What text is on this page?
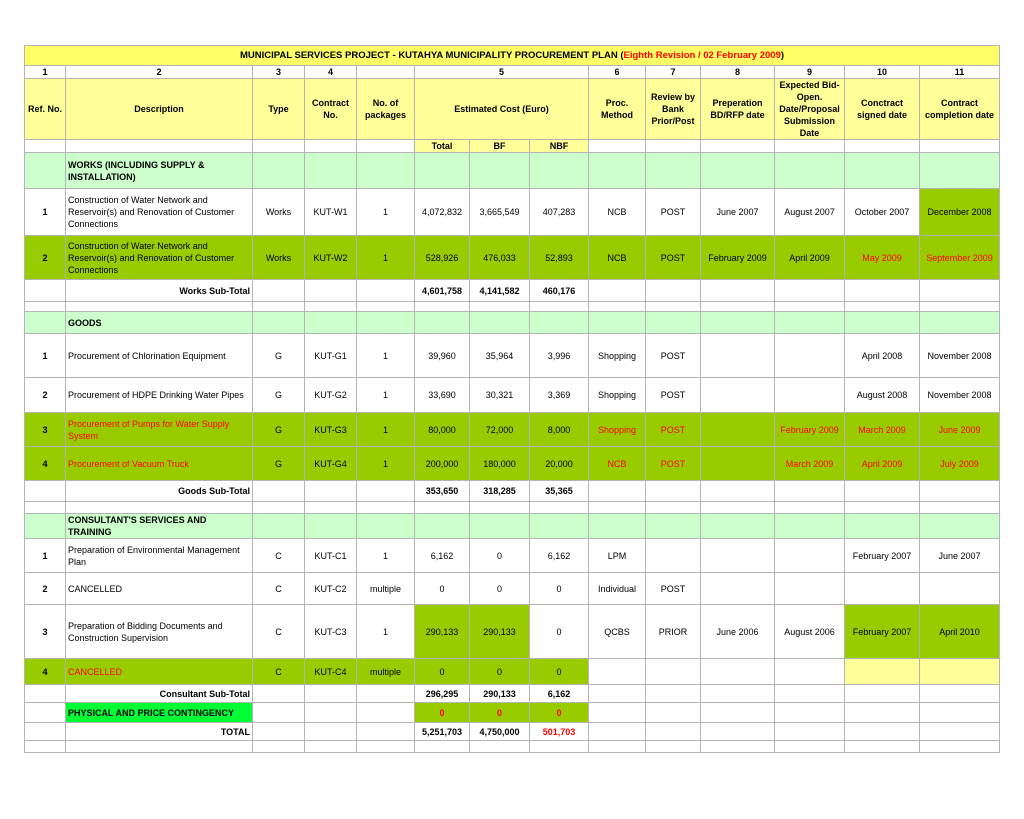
MUNICIPAL SERVICES PROJECT - KUTAHYA MUNICIPALITY PROCUREMENT PLAN (Eighth Revision / 02 February 2009)													
1	2	3	4		5			6	7	8	9	10	11
Ref. No.	Description	Type	Contract No.	No. of packages	Estimated Cost (Euro)			Proc. Method	Review by Bank Prior/Post	Preperation BD/RFP date	Expected Bid-Open. Date/Proposal Submission Date	Conctract signed date	Contract completion date
					Total	BF	NBF						
	WORKS (INCLUDING SUPPLY & INSTALLATION)												
1	Construction of Water Network and Reservoir(s) and Renovation of Customer Connections	Works	KUT-W1	1	4,072,832	3,665,549	407,283	NCB	POST	June 2007	August 2007	October 2007	December 2008
2	Construction of Water Network and Reservoir(s) and Renovation of Customer Connections	Works	KUT-W2	1	528,926	476,033	52,893	NCB	POST	February 2009	April 2009	May 2009	September 2009
	Works Sub-Total				4,601,758	4,141,582	460,176						

	GOODS												
1	Procurement of Chlorination Equipment	G	KUT-G1	1	39,960	35,964	3,996	Shopping	POST			April 2008	November 2008
2	Procurement of HDPE Drinking Water Pipes	G	KUT-G2	1	33,690	30,321	3,369	Shopping	POST			August 2008	November 2008
3	Procurement of Pumps for Water Supply System	G	KUT-G3	1	80,000	72,000	8,000	Shopping	POST		February 2009	March 2009	June 2009
4	Procurement of Vacuum Truck	G	KUT-G4	1	200,000	180,000	20,000	NCB	POST		March 2009	April 2009	July 2009
	Goods Sub-Total				353,650	318,285	35,365						

	CONSULTANT'S SERVICES AND TRAINING												
1	Preparation of Environmental Management Plan	C	KUT-C1	1	6,162	0	6,162	LPM				February 2007	June 2007
2	CANCELLED	C	KUT-C2	multiple	0	0	0	Individual	POST				
3	Preparation of Bidding Documents and Construction Supervision	C	KUT-C3	1	290,133	290,133	0	QCBS	PRIOR	June 2006	August 2006	February 2007	April 2010
4	CANCELLED	C	KUT-C4	multiple	0	0	0						
	Consultant Sub-Total				296,295	290,133	6,162						
	PHYSICAL AND PRICE CONTINGENCY				0	0	0						
	TOTAL				5,251,703	4,750,000	501,703						
